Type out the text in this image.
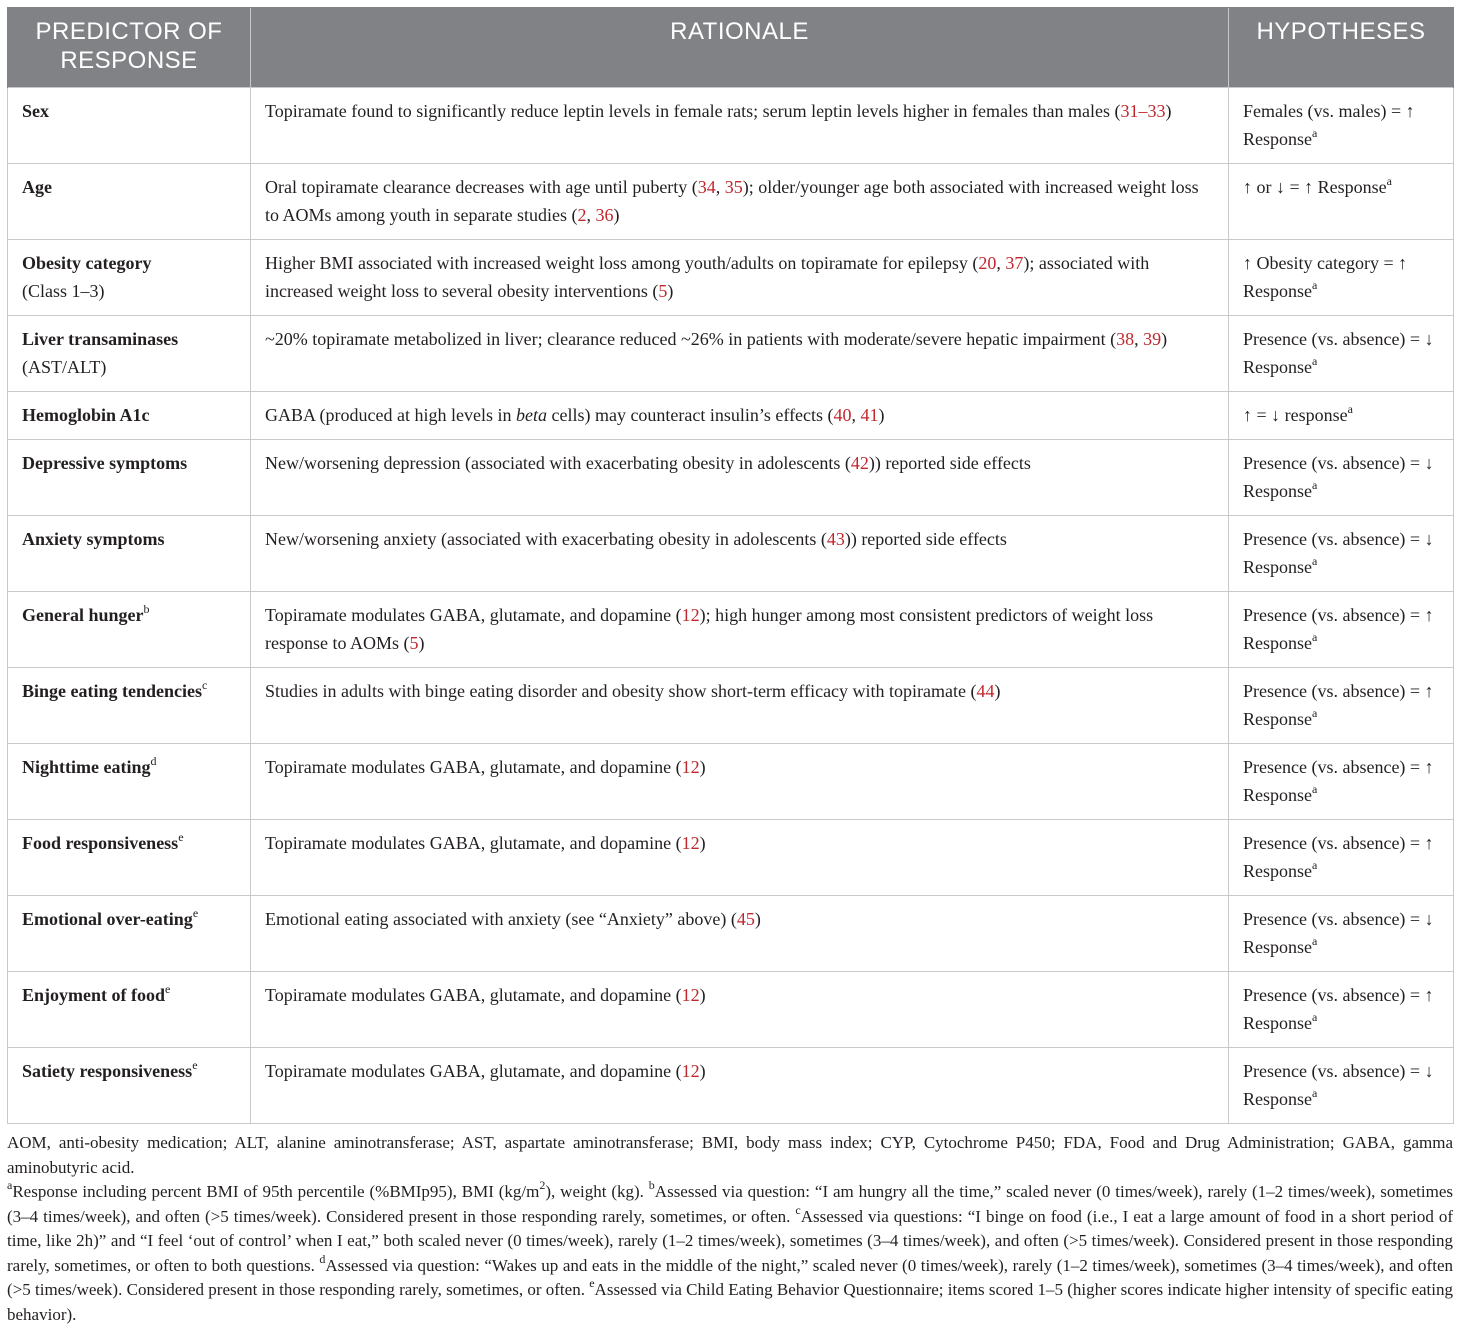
PREDICTOR OF RESPONSE	RATIONALE	HYPOTHESES
Sex	Topiramate found to significantly reduce leptin levels in female rats; serum leptin levels higher in females than males (31–33)	Females (vs. males) = ↑ Response$^a$
Age	Oral topiramate clearance decreases with age until puberty (34, 35); older/younger age both associated with increased weight loss to AOMs among youth in separate studies (2, 36)	↑ or ↓ = ↑ Response$^a$
Obesity category
(Class 1–3)	Higher BMI associated with increased weight loss among youth/adults on topiramate for epilepsy (20, 37); associated with increased weight loss to several obesity interventions (5)	↑ Obesity category = ↑ Response$^a$
Liver transaminases
(AST/ALT)	~20% topiramate metabolized in liver; clearance reduced ~26% in patients with moderate/severe hepatic impairment (38, 39)	Presence (vs. absence) = ↓ Response$^a$
Hemoglobin A1c	GABA (produced at high levels in beta cells) may counteract insulin’s effects (40, 41)	↑ = ↓ response$^a$
Depressive symptoms	New/worsening depression (associated with exacerbating obesity in adolescents (42)) reported side effects	Presence (vs. absence) = ↓ Response$^a$
Anxiety symptoms	New/worsening anxiety (associated with exacerbating obesity in adolescents (43)) reported side effects	Presence (vs. absence) = ↓ Response$^a$
General hunger$^b$	Topiramate modulates GABA, glutamate, and dopamine (12); high hunger among most consistent predictors of weight loss response to AOMs (5)	Presence (vs. absence) = ↑ Response$^a$
Binge eating tendencies$^c$	Studies in adults with binge eating disorder and obesity show short-term efficacy with topiramate (44)	Presence (vs. absence) = ↑ Response$^a$
Nighttime eating$^d$	Topiramate modulates GABA, glutamate, and dopamine (12)	Presence (vs. absence) = ↑ Response$^a$
Food responsiveness$^e$	Topiramate modulates GABA, glutamate, and dopamine (12)	Presence (vs. absence) = ↑ Response$^a$
Emotional over-eating$^e$	Emotional eating associated with anxiety (see “Anxiety” above) (45)	Presence (vs. absence) = ↓ Response$^a$
Enjoyment of food$^e$	Topiramate modulates GABA, glutamate, and dopamine (12)	Presence (vs. absence) = ↑ Response$^a$
Satiety responsiveness$^e$	Topiramate modulates GABA, glutamate, and dopamine (12)	Presence (vs. absence) = ↓ Response$^a$
AOM, anti-obesity medication; ALT, alanine aminotransferase; AST, aspartate aminotransferase; BMI, body mass index; CYP, Cytochrome P450; FDA, Food and Drug Administration; GABA, gamma aminobutyric acid.
$^a$Response including percent BMI of 95th percentile (%BMIp95), BMI $(kg/m^2)$, weight (kg). $^b$Assessed via question: “I am hungry all the time,” scaled never (0 times/week), rarely (1–2 times/week), sometimes (3–4 times/week), and often (>5 times/week). Considered present in those responding rarely, sometimes, or often. $^c$Assessed via questions: “I binge on food (i.e., I eat a large amount of food in a short period of time, like 2h)” and “I feel ‘out of control’ when I eat,” both scaled never (0 times/week), rarely (1–2 times/week), sometimes (3–4 times/week), and often (>5 times/week). Considered present in those responding rarely, sometimes, or often to both questions. $^d$Assessed via question: “Wakes up and eats in the middle of the night,” scaled never (0 times/week), rarely (1–2 times/week), sometimes (3–4 times/week), and often (>5 times/week). Considered present in those responding rarely, sometimes, or often. $^e$Assessed via Child Eating Behavior Questionnaire; items scored 1–5 (higher scores indicate higher intensity of specific eating behavior).
